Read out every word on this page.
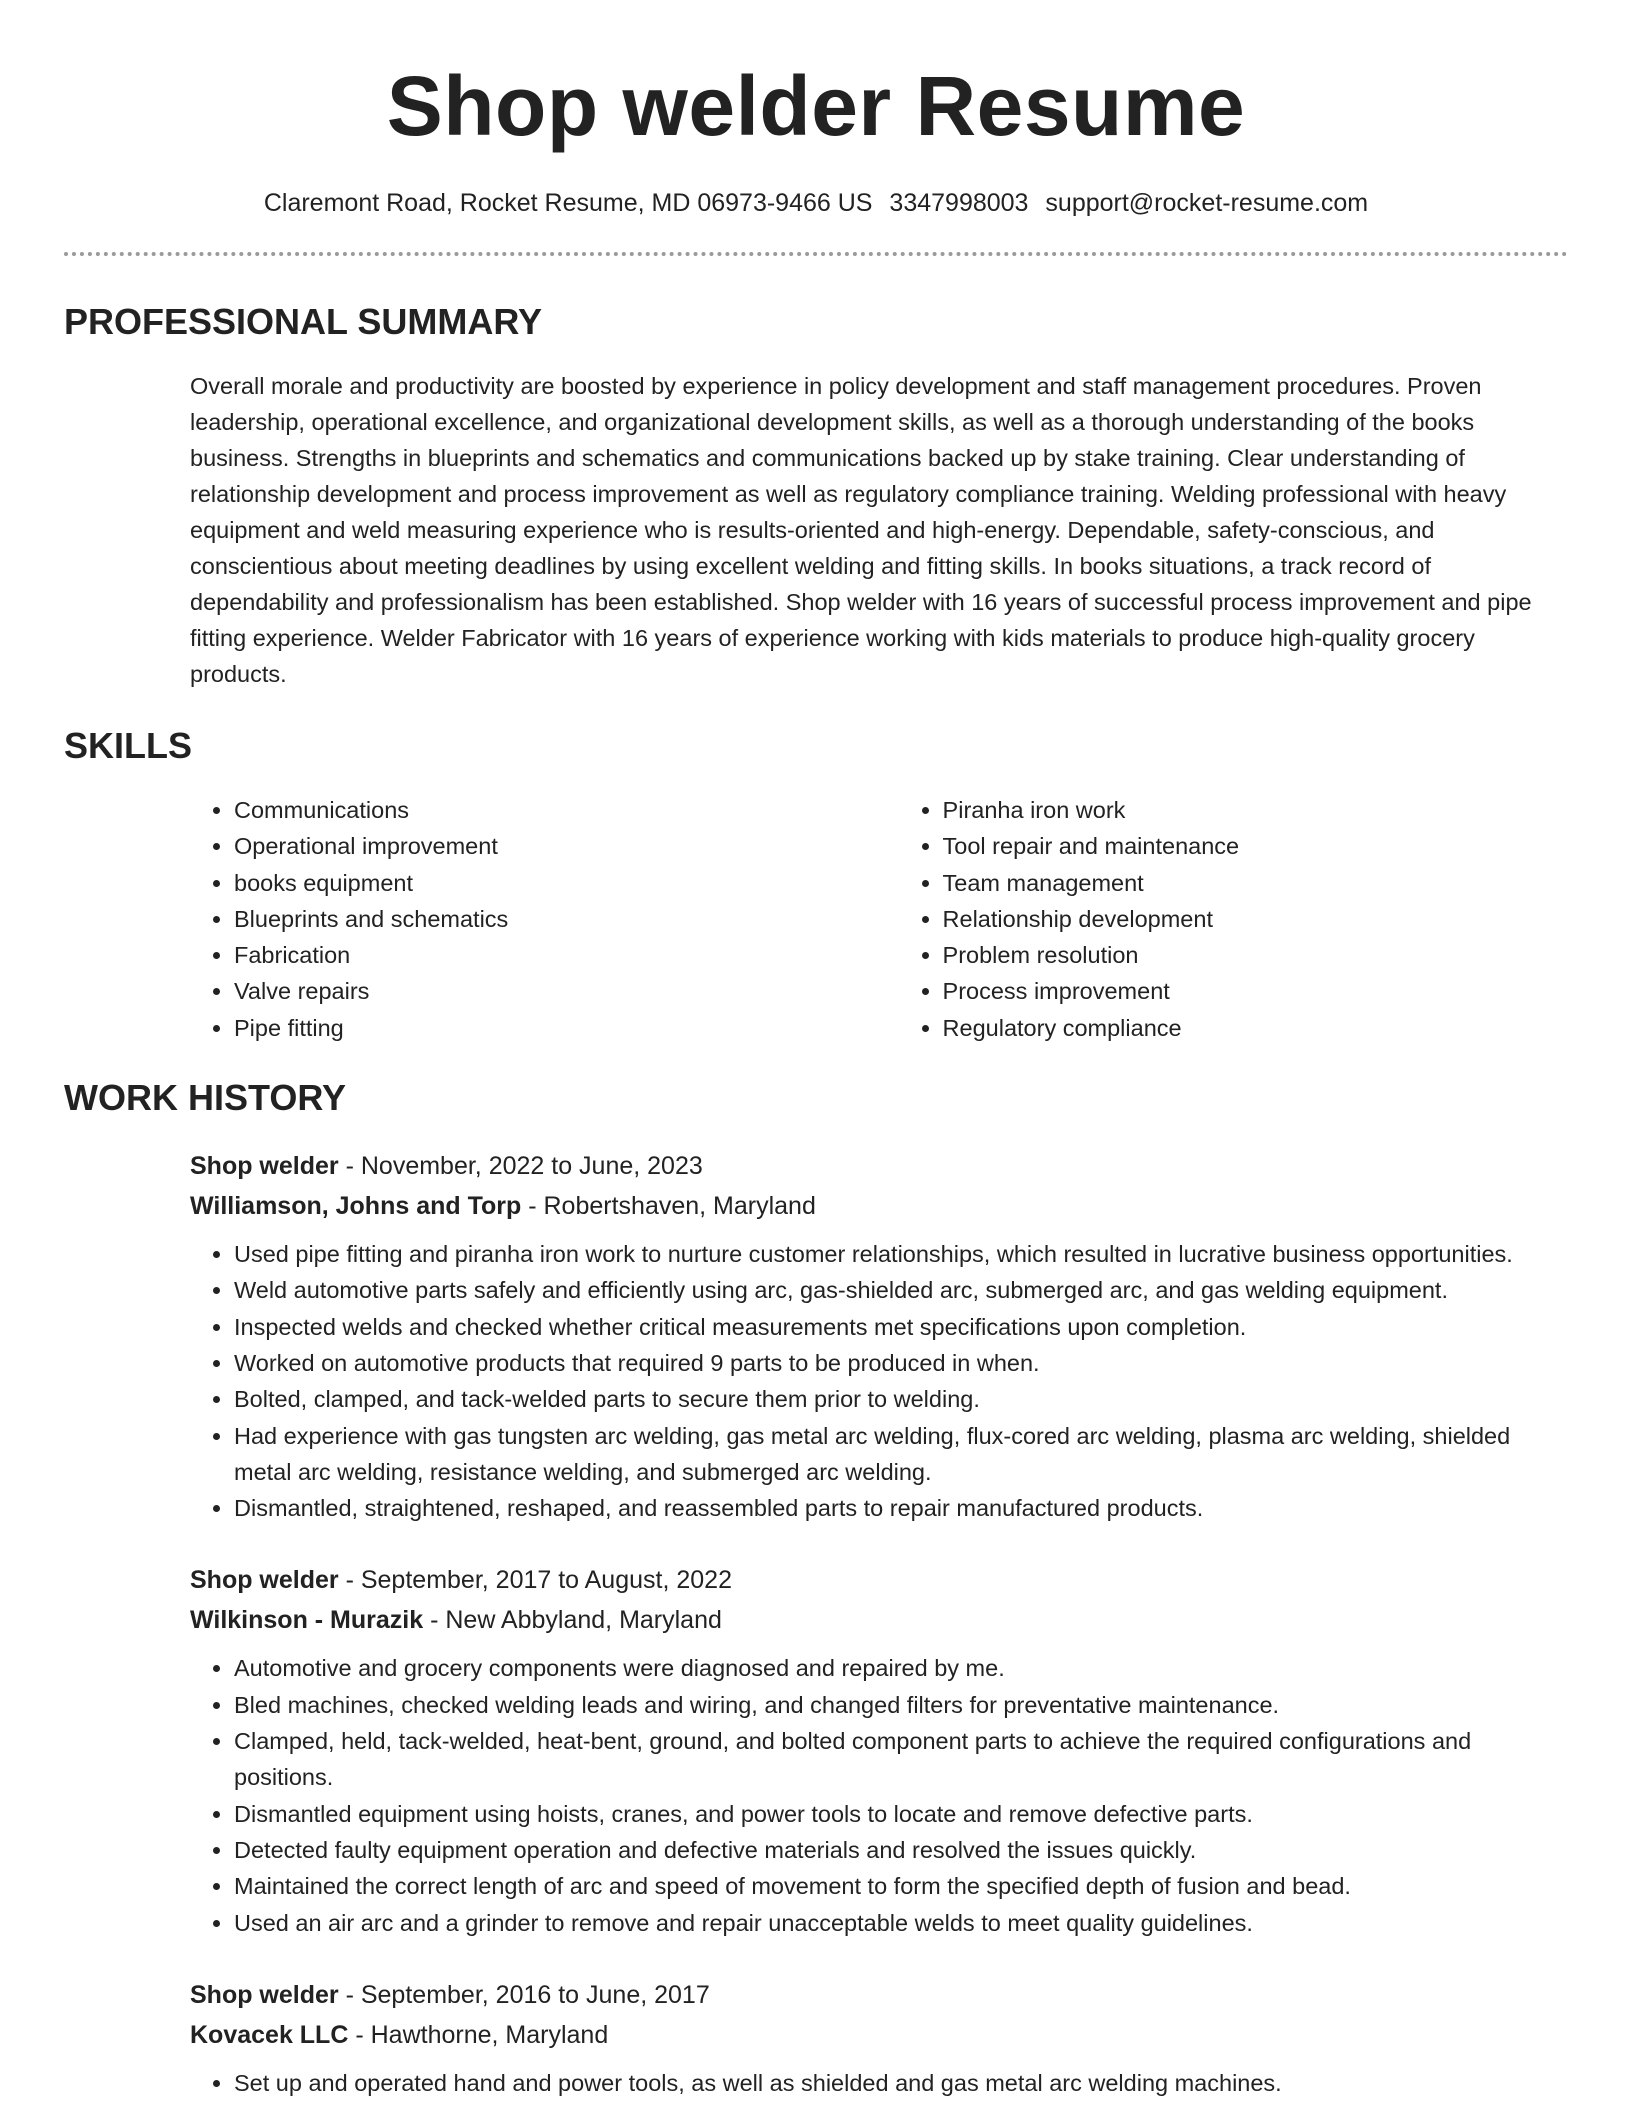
Shop welder Resume
Claremont Road, Rocket Resume, MD 06973-9466 US 3347998003 support@rocket-resume.com
PROFESSIONAL SUMMARY

Overall morale and productivity are boosted by experience in policy development and staff management procedures. Proven leadership, operational excellence, and organizational development skills, as well as a thorough understanding of the books business. Strengths in blueprints and schematics and communications backed up by stake training. Clear understanding of relationship development and process improvement as well as regulatory compliance training. Welding professional with heavy equipment and weld measuring experience who is results-oriented and high-energy. Dependable, safety-conscious, and conscientious about meeting deadlines by using excellent welding and fitting skills. In books situations, a track record of dependability and professionalism has been established. Shop welder with 16 years of successful process improvement and pipe fitting experience. Welder Fabricator with 16 years of experience working with kids materials to produce high-quality grocery products.

SKILLS
• Communications
• Operational improvement
• books equipment
• Blueprints and schematics
• Fabrication
• Valve repairs
• Pipe fitting
• Piranha iron work
• Tool repair and maintenance
• Team management
• Relationship development
• Problem resolution
• Process improvement
• Regulatory compliance
WORK HISTORY
Shop welder - November, 2022 to June, 2023
Williamson, Johns and Torp - Robertshaven, Maryland
• Used pipe fitting and piranha iron work to nurture customer relationships, which resulted in lucrative business opportunities.
• Weld automotive parts safely and efficiently using arc, gas-shielded arc, submerged arc, and gas welding equipment.
• Inspected welds and checked whether critical measurements met specifications upon completion.
• Worked on automotive products that required 9 parts to be produced in when.
• Bolted, clamped, and tack-welded parts to secure them prior to welding.
• Had experience with gas tungsten arc welding, gas metal arc welding, flux-cored arc welding, plasma arc welding, shielded metal arc welding, resistance welding, and submerged arc welding.
• Dismantled, straightened, reshaped, and reassembled parts to repair manufactured products.
Shop welder - September, 2017 to August, 2022
Wilkinson - Murazik - New Abbyland, Maryland
• Automotive and grocery components were diagnosed and repaired by me.
• Bled machines, checked welding leads and wiring, and changed filters for preventative maintenance.
• Clamped, held, tack-welded, heat-bent, ground, and bolted component parts to achieve the required configurations and positions.
• Dismantled equipment using hoists, cranes, and power tools to locate and remove defective parts.
• Detected faulty equipment operation and defective materials and resolved the issues quickly.
• Maintained the correct length of arc and speed of movement to form the specified depth of fusion and bead.
• Used an air arc and a grinder to remove and repair unacceptable welds to meet quality guidelines.
Shop welder - September, 2016 to June, 2017
Kovacek LLC - Hawthorne, Maryland
• Set up and operated hand and power tools, as well as shielded and gas metal arc welding machines.
